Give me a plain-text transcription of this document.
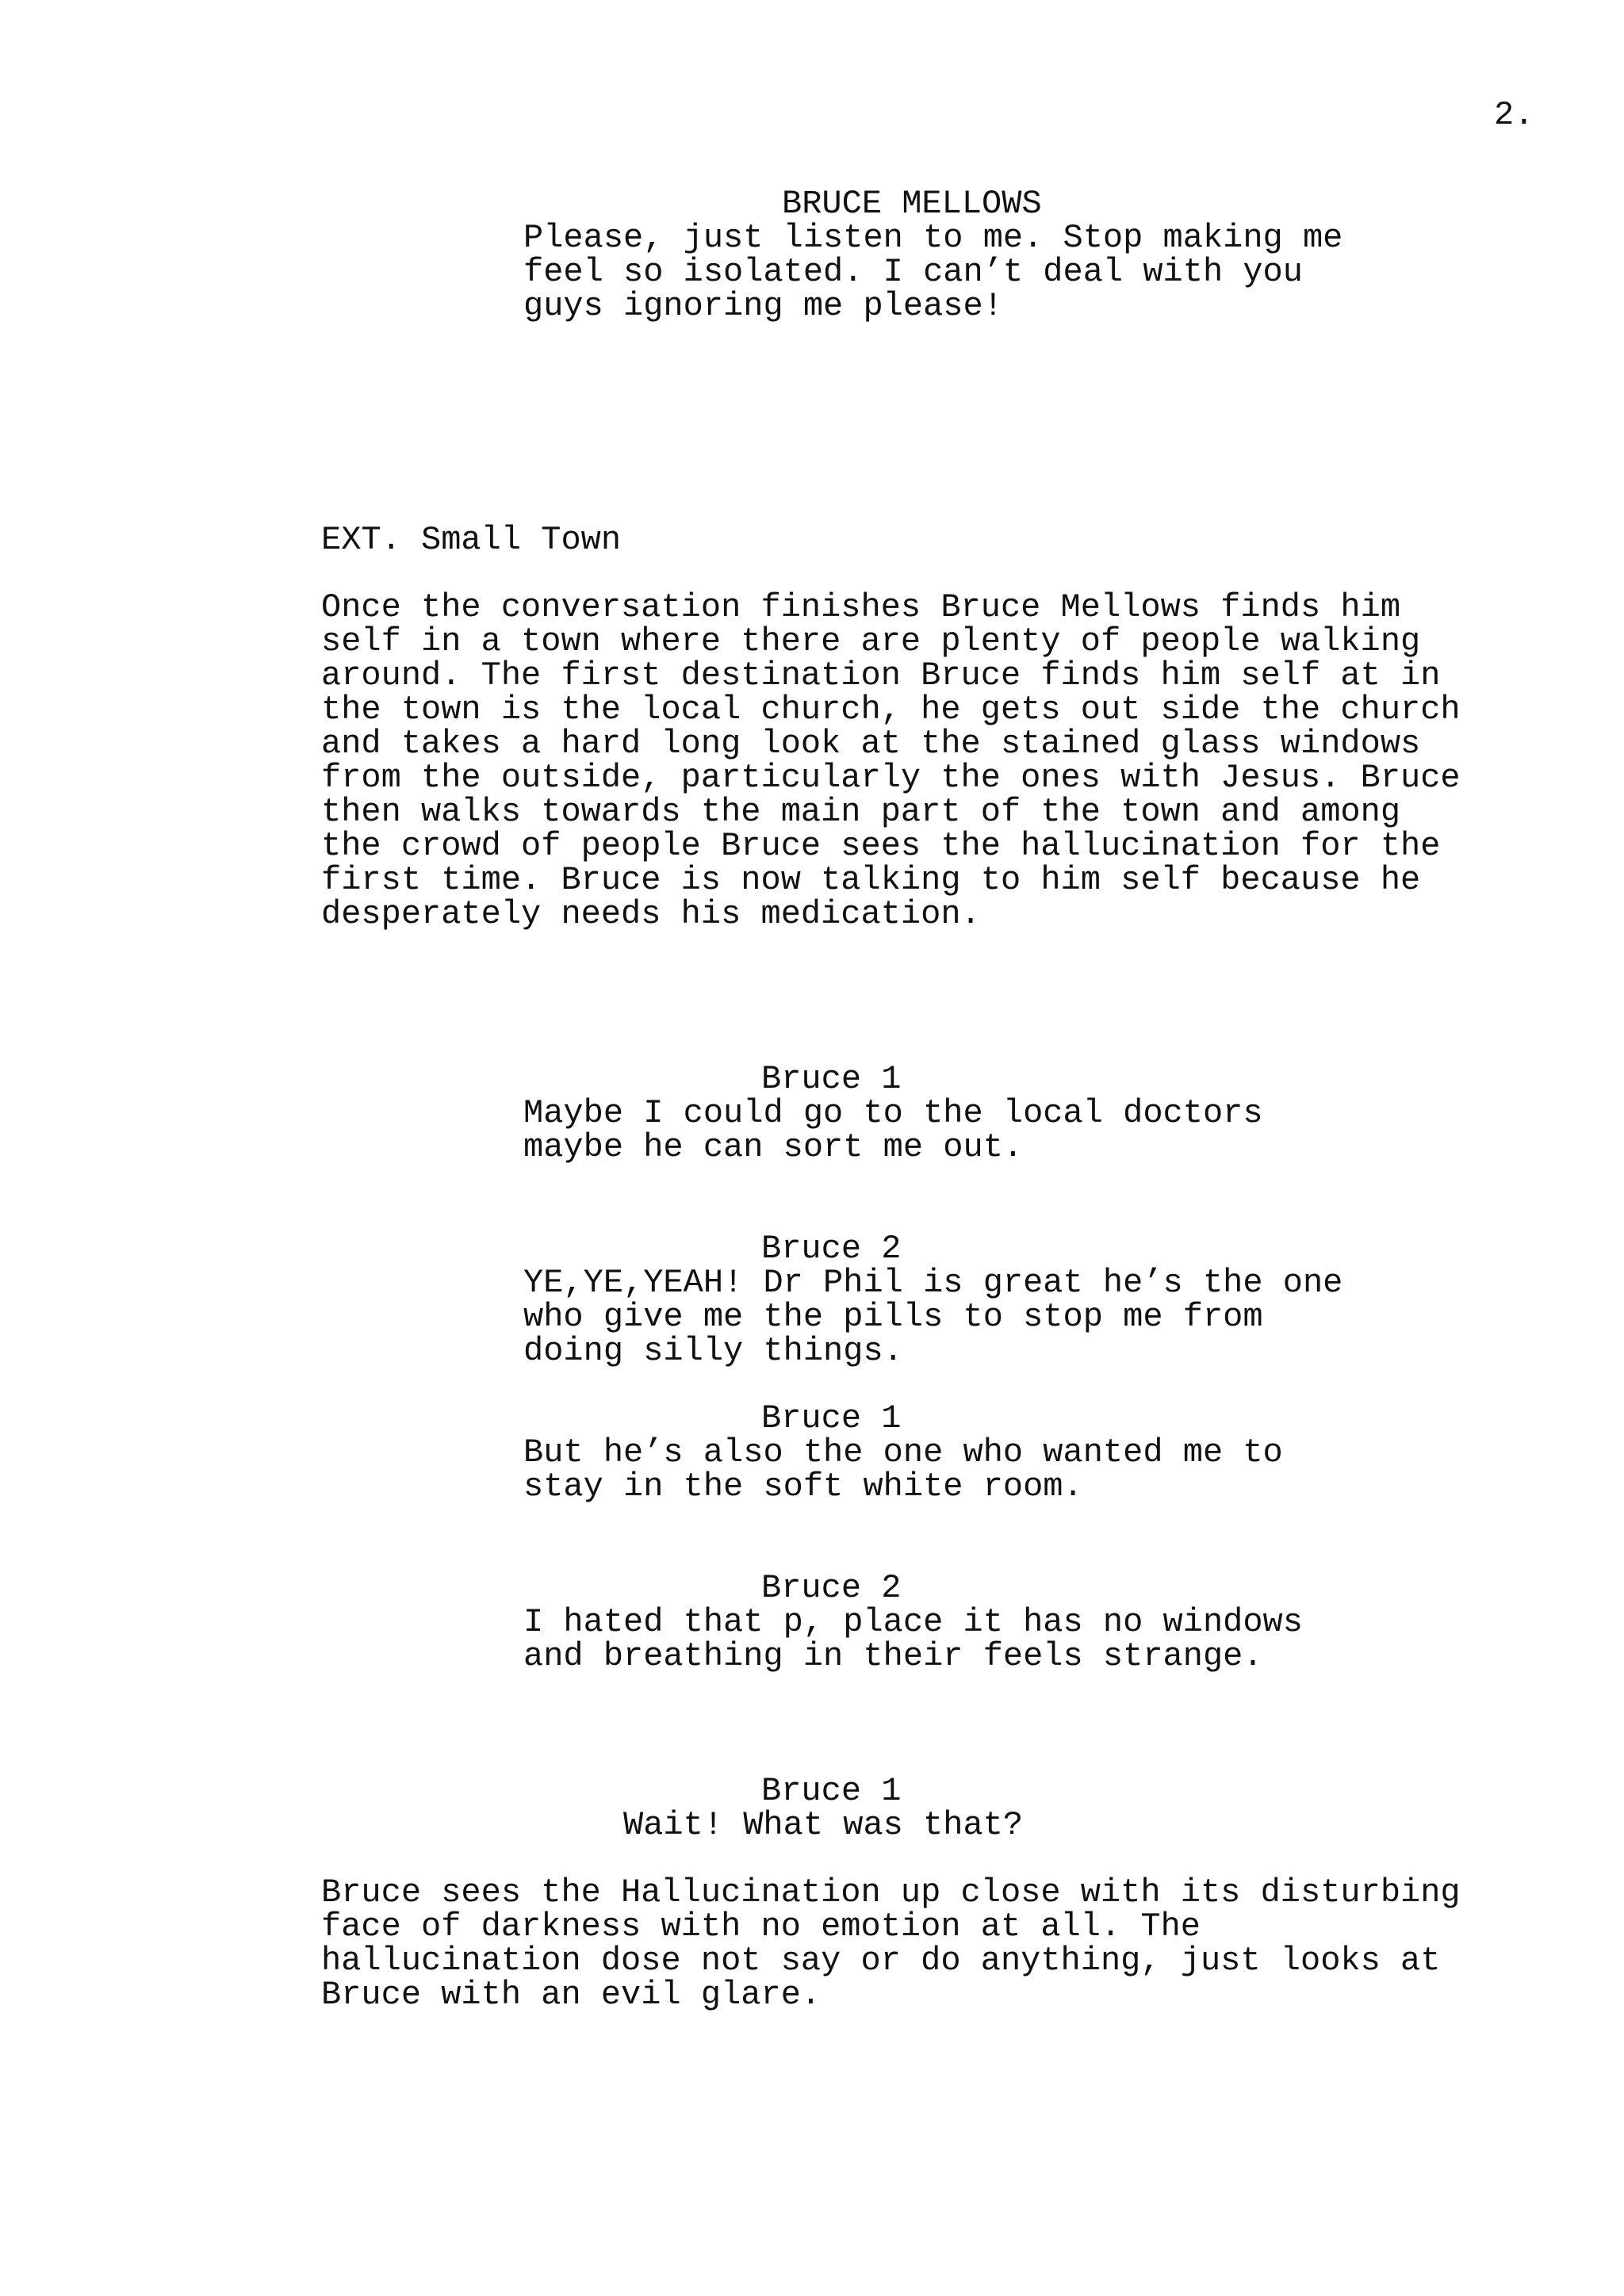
2.
BRUCE MELLOWS
Please, just listen to me. Stop making me
feel so isolated. I can’t deal with you
guys ignoring me please!
EXT. Small Town
Once the conversation finishes Bruce Mellows finds him
self in a town where there are plenty of people walking
around. The first destination Bruce finds him self at in
the town is the local church, he gets out side the church
and takes a hard long look at the stained glass windows
from the outside, particularly the ones with Jesus. Bruce
then walks towards the main part of the town and among
the crowd of people Bruce sees the hallucination for the
first time. Bruce is now talking to him self because he
desperately needs his medication.
Bruce 1
Maybe I could go to the local doctors
maybe he can sort me out.
Bruce 2
YE,YE,YEAH! Dr Phil is great he’s the one
who give me the pills to stop me from
doing silly things.
Bruce 1
But he’s also the one who wanted me to
stay in the soft white room.
Bruce 2
I hated that p, place it has no windows
and breathing in their feels strange.
Bruce 1
Wait! What was that?
Bruce sees the Hallucination up close with its disturbing
face of darkness with no emotion at all. The
hallucination dose not say or do anything, just looks at
Bruce with an evil glare.
